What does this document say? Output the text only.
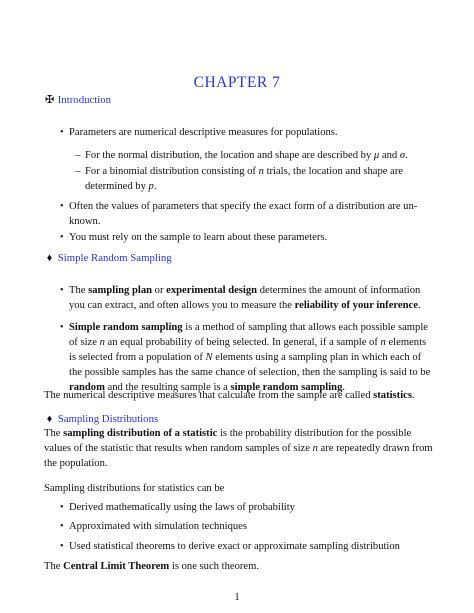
CHAPTER 7
✠ Introduction
• Parameters are numerical descriptive measures for populations.
– For the normal distribution, the location and shape are described by μ and σ.
– For a binomial distribution consisting of n trials, the location and shape are
determined by p.
• Often the values of parameters that specify the exact form of a distribution are un-
known.
• You must rely on the sample to learn about these parameters.
♦ Simple Random Sampling
• The sampling plan or experimental design determines the amount of information
you can extract, and often allows you to measure the reliability of your inference.
• Simple random sampling is a method of sampling that allows each possible sample
of size n an equal probability of being selected. In general, if a sample of n elements
is selected from a population of N elements using a sampling plan in which each of
the possible samples has the same chance of selection, then the sampling is said to be
random and the resulting sample is a simple random sampling.
The numerical descriptive measures that calculate from the sample are called statistics.
♦ Sampling Distributions
The sampling distribution of a statistic is the probability distribution for the possible
values of the statistic that results when random samples of size n are repeatedly drawn from
the population.
Sampling distributions for statistics can be
• Derived mathematically using the laws of probability
• Approximated with simulation techniques
• Used statistical theorems to derive exact or approximate sampling distribution
1
The Central Limit Theorem is one such theorem.
